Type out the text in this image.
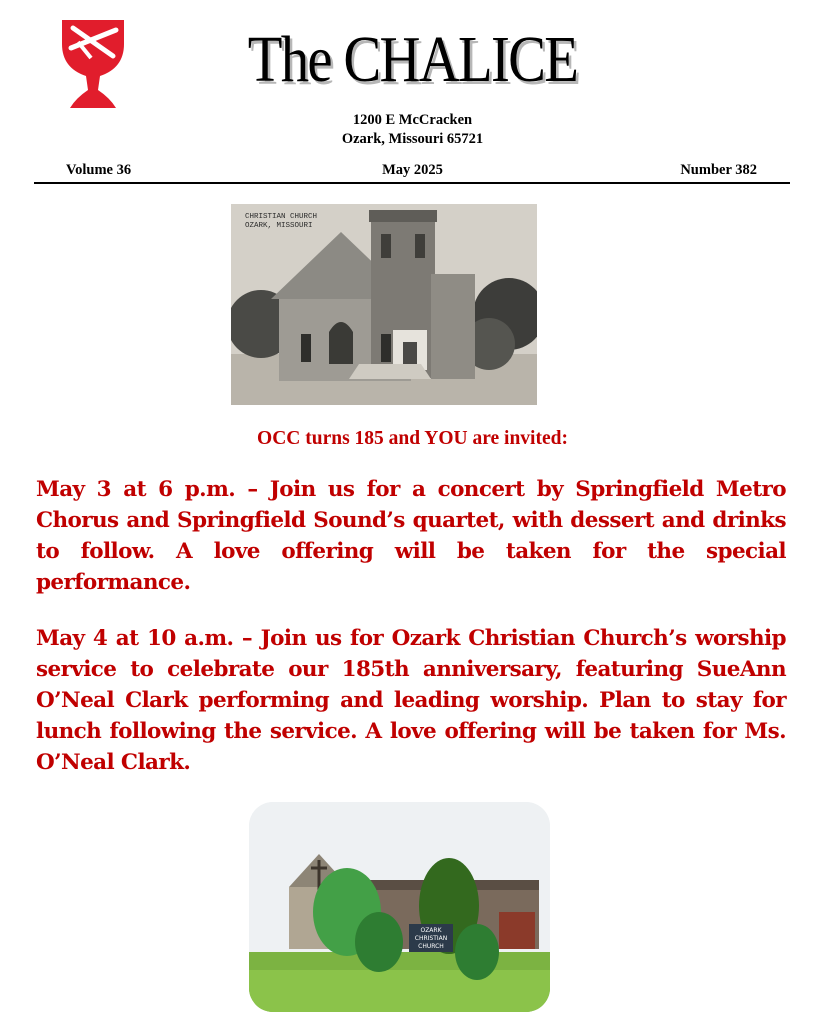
The CHALICE
1200 E McCracken
Ozark, Missouri 65721
Volume 36	May 2025	Number 382
CHRISTIAN CHURCH
OZARK, MISSOURI
OCC turns 185 and YOU are invited:
May 3 at 6 p.m. – Join us for a concert by Springfield Metro Chorus and Springfield Sound’s quartet, with dessert and drinks to follow. A love offering will be taken for the special performance.
May 4 at 10 a.m. – Join us for Ozark Christian Church’s worship service to celebrate our 185th anniversary, featuring SueAnn O’Neal Clark performing and leading worship. Plan to stay for lunch following the service. A love offering will be taken for Ms. O’Neal Clark.
OZARK
CHRISTIAN
CHURCH
